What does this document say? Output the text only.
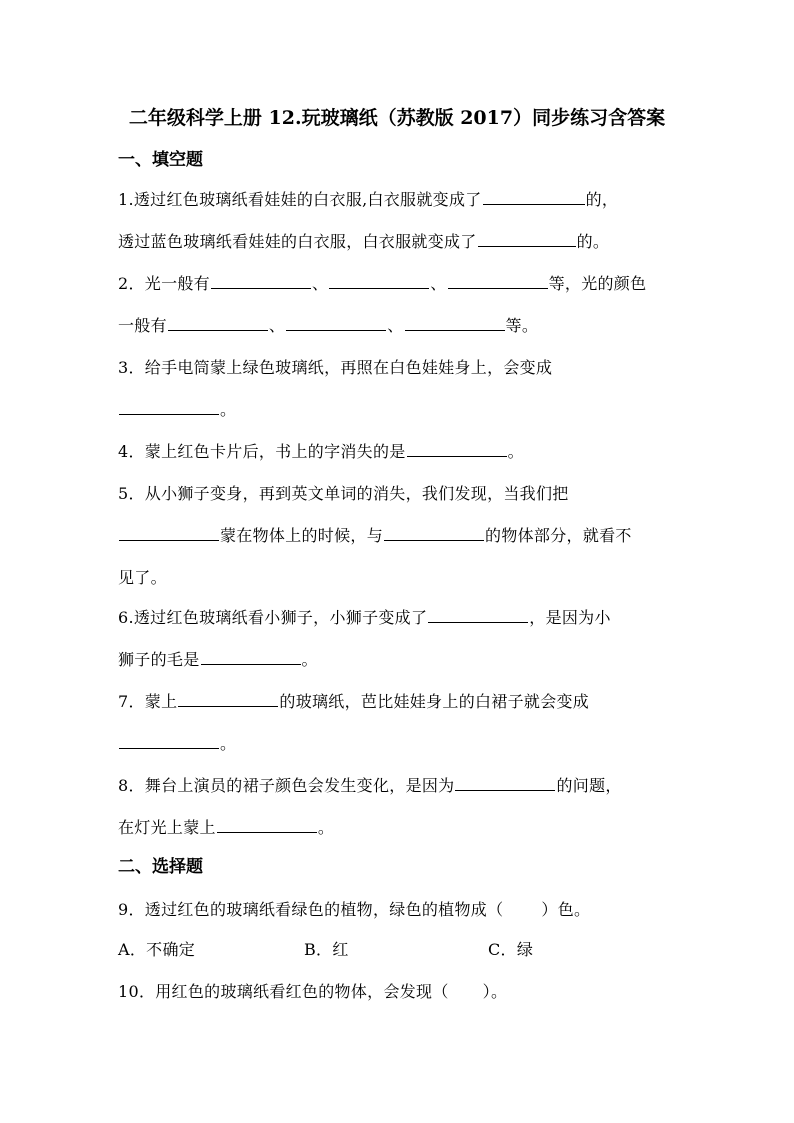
二年级科学上册 12.玩玻璃纸（苏教版 2017）同步练习含答案
一、填空题
1.透过红色玻璃纸看娃娃的白衣服,白衣服就变成了	的，
透过蓝色玻璃纸看娃娃的白衣服，白衣服就变成了	的。
2．光一般有	、	、	等，光的颜色
一般有	、	、	等。
3．给手电筒蒙上绿色玻璃纸，再照在白色娃娃身上，会变成
。
4．蒙上红色卡片后，书上的字消失的是	。
5．从小狮子变身，再到英文单词的消失，我们发现，当我们把
蒙在物体上的时候，与	的物体部分，就看不
见了。
6.透过红色玻璃纸看小狮子，小狮子变成了	，是因为小
狮子的毛是	。
7．蒙上	的玻璃纸，芭比娃娃身上的白裙子就会变成
。
8．舞台上演员的裙子颜色会发生变化，是因为	的问题，
在灯光上蒙上	。
二、选择题
9．透过红色的玻璃纸看绿色的植物，绿色的植物成（ ）色。
A．不确定	B．红	C．绿
10．用红色的玻璃纸看红色的物体，会发现（ ）。
